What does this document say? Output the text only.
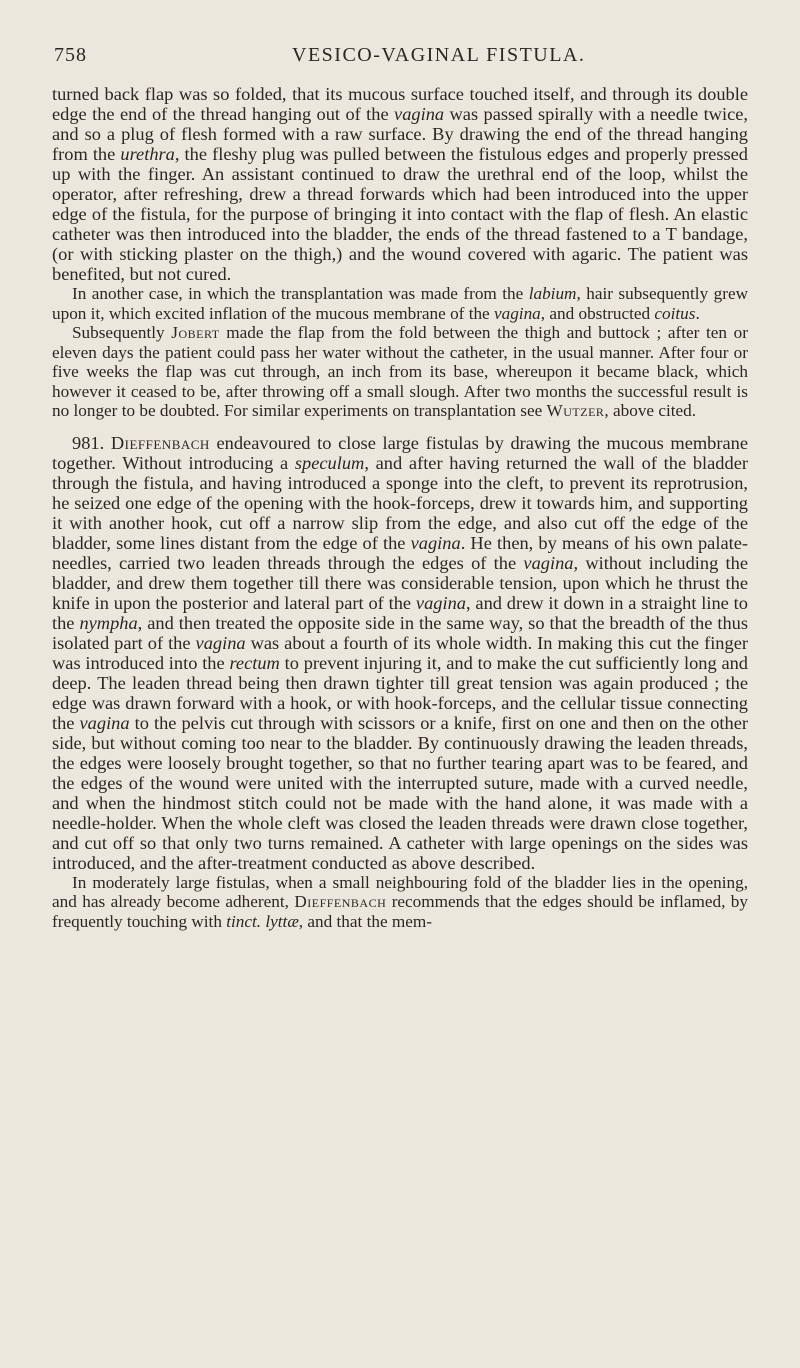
758	VESICO-VAGINAL FISTULA.

turned back flap was so folded, that its mucous surface touched itself, and through its double edge the end of the thread hanging out of the vagina was passed spirally with a needle twice, and so a plug of flesh formed with a raw surface. By drawing the end of the thread hanging from the urethra, the fleshy plug was pulled between the fistulous edges and properly pressed up with the finger. An assistant continued to draw the urethral end of the loop, whilst the operator, after refreshing, drew a thread forwards which had been introduced into the upper edge of the fistula, for the purpose of bringing it into contact with the flap of flesh. An elastic catheter was then introduced into the bladder, the ends of the thread fastened to a T bandage, (or with sticking plaster on the thigh,) and the wound covered with agaric. The patient was benefited, but not cured.

In another case, in which the transplantation was made from the labium, hair subsequently grew upon it, which excited inflation of the mucous membrane of the vagina, and obstructed coitus.

Subsequently Jobert made the flap from the fold between the thigh and buttock ; after ten or eleven days the patient could pass her water without the catheter, in the usual manner. After four or five weeks the flap was cut through, an inch from its base, whereupon it became black, which however it ceased to be, after throwing off a small slough. After two months the successful result is no longer to be doubted. For similar experiments on transplantation see Wutzer, above cited.

981. Dieffenbach endeavoured to close large fistulas by drawing the mucous membrane together. Without introducing a speculum, and after having returned the wall of the bladder through the fistula, and having introduced a sponge into the cleft, to prevent its reprotrusion, he seized one edge of the opening with the hook-forceps, drew it towards him, and supporting it with another hook, cut off a narrow slip from the edge, and also cut off the edge of the bladder, some lines distant from the edge of the vagina. He then, by means of his own palate-needles, carried two leaden threads through the edges of the vagina, without including the bladder, and drew them together till there was considerable tension, upon which he thrust the knife in upon the posterior and lateral part of the vagina, and drew it down in a straight line to the nympha, and then treated the opposite side in the same way, so that the breadth of the thus isolated part of the vagina was about a fourth of its whole width. In making this cut the finger was introduced into the rectum to prevent injuring it, and to make the cut sufficiently long and deep. The leaden thread being then drawn tighter till great tension was again produced ; the edge was drawn forward with a hook, or with hook-forceps, and the cellular tissue connecting the vagina to the pelvis cut through with scissors or a knife, first on one and then on the other side, but without coming too near to the bladder. By continuously drawing the leaden threads, the edges were loosely brought together, so that no further tearing apart was to be feared, and the edges of the wound were united with the interrupted suture, made with a curved needle, and when the hindmost stitch could not be made with the hand alone, it was made with a needle-holder. When the whole cleft was closed the leaden threads were drawn close together, and cut off so that only two turns remained. A catheter with large openings on the sides was introduced, and the after-treatment conducted as above described.

In moderately large fistulas, when a small neighbouring fold of the bladder lies in the opening, and has already become adherent, Dieffenbach recommends that the edges should be inflamed, by frequently touching with tinct. lyttæ, and that the mem-
